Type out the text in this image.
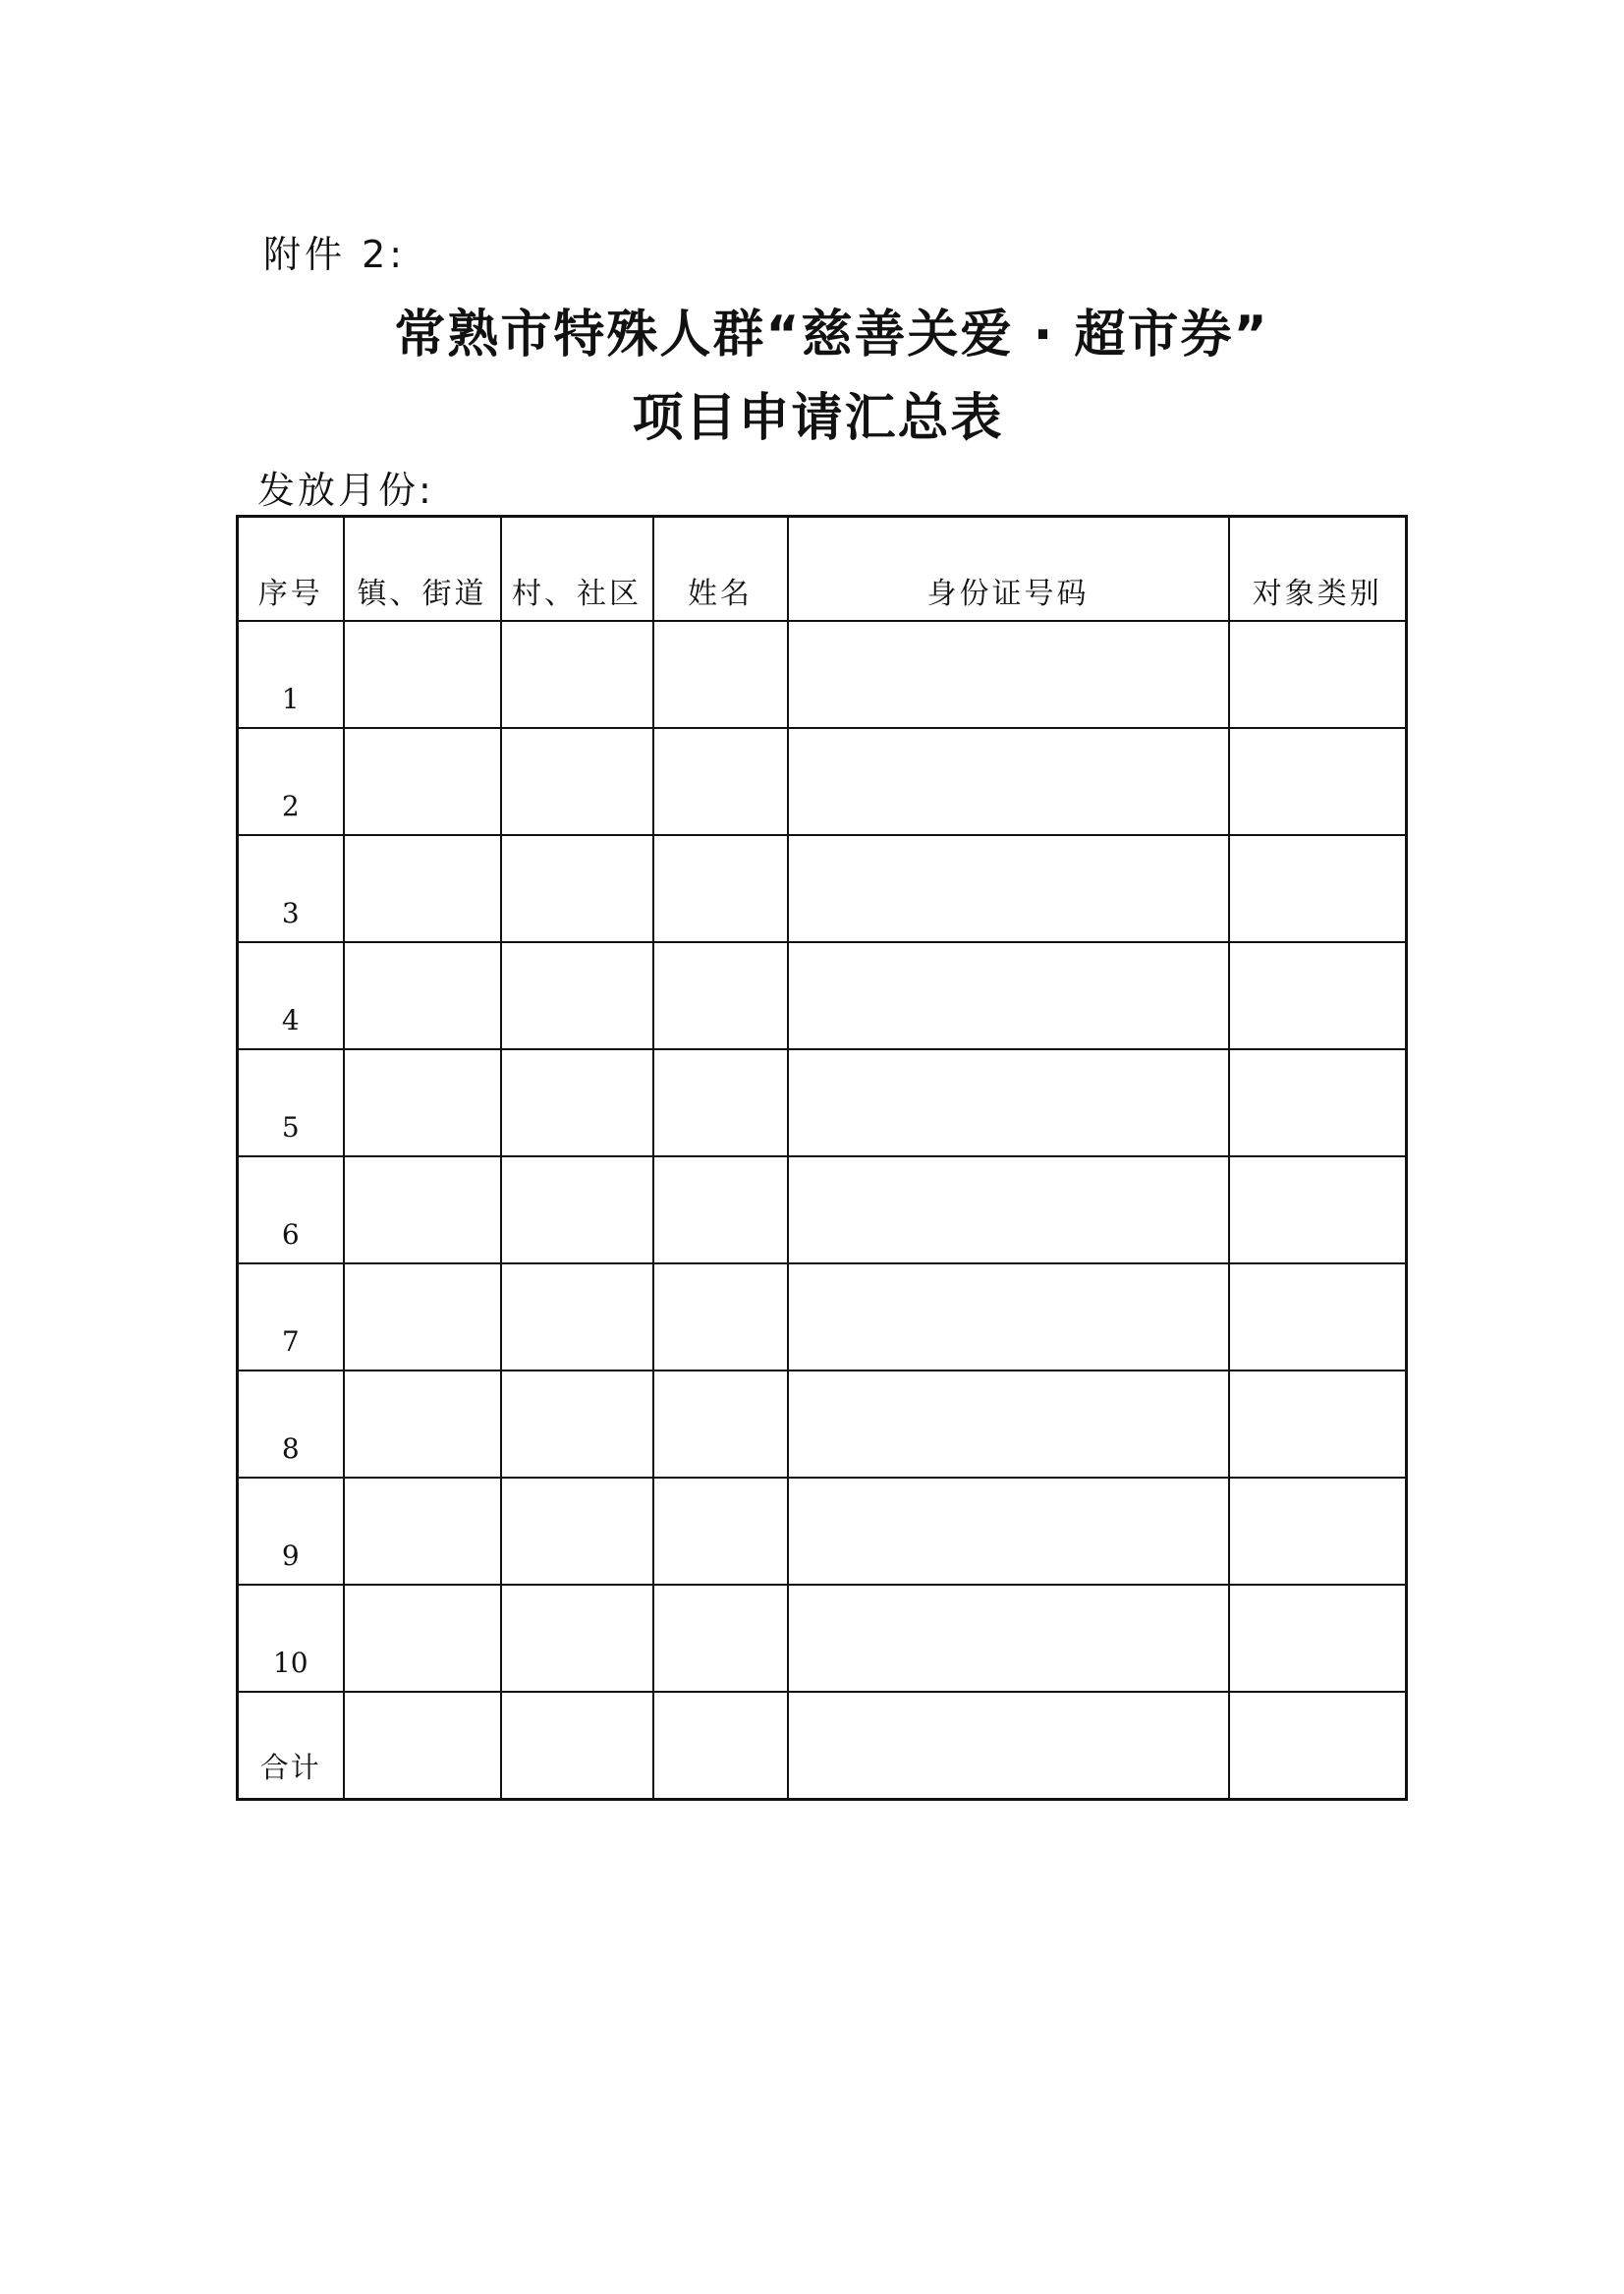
附件 2:
常熟市特殊人群“慈善关爱 · 超市券”
项目申请汇总表
发放月份:
序号	镇、街道	村、社区	姓名	身份证号码	对象类别
1					
2					
3					
4					
5					
6					
7					
8					
9					
10					
合计					
